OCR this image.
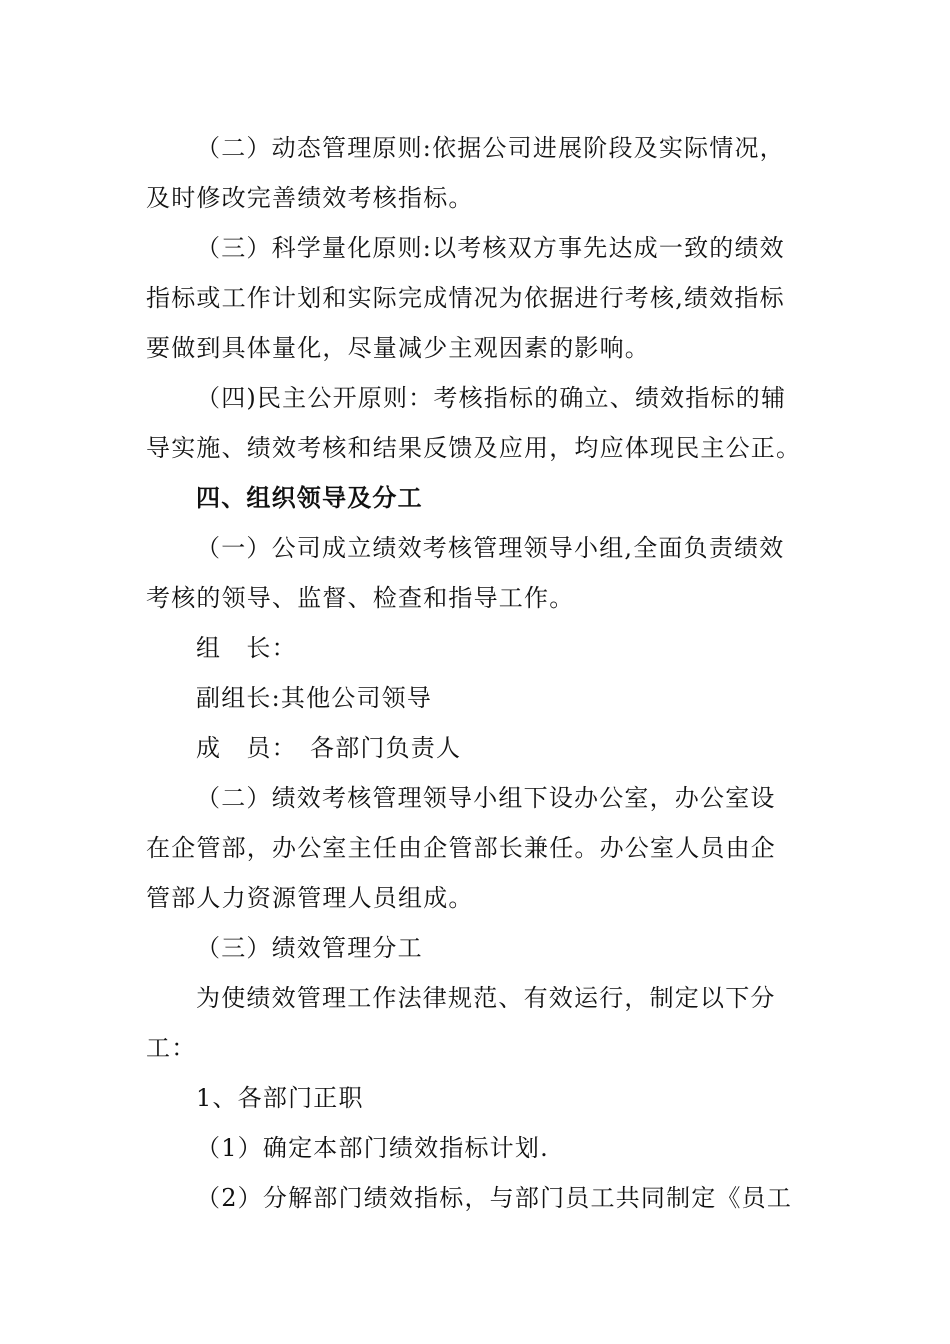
（二）动态管理原则:依据公司进展阶段及实际情况，
及时修改完善绩效考核指标。
（三）科学量化原则:以考核双方事先达成一致的绩效
指标或工作计划和实际完成情况为依据进行考核,绩效指标
要做到具体量化，尽量减少主观因素的影响。
（四)民主公开原则：考核指标的确立、绩效指标的辅
导实施、绩效考核和结果反馈及应用，均应体现民主公正。
四、组织领导及分工
（一）公司成立绩效考核管理领导小组,全面负责绩效
考核的领导、监督、检查和指导工作。
组　长：
副组长:其他公司领导
成　员：　各部门负责人
（二）绩效考核管理领导小组下设办公室，办公室设
在企管部，办公室主任由企管部长兼任。办公室人员由企
管部人力资源管理人员组成。
（三）绩效管理分工
为使绩效管理工作法律规范、有效运行，制定以下分
工：
1、各部门正职
（1）确定本部门绩效指标计划.
（2）分解部门绩效指标，与部门员工共同制定《员工
